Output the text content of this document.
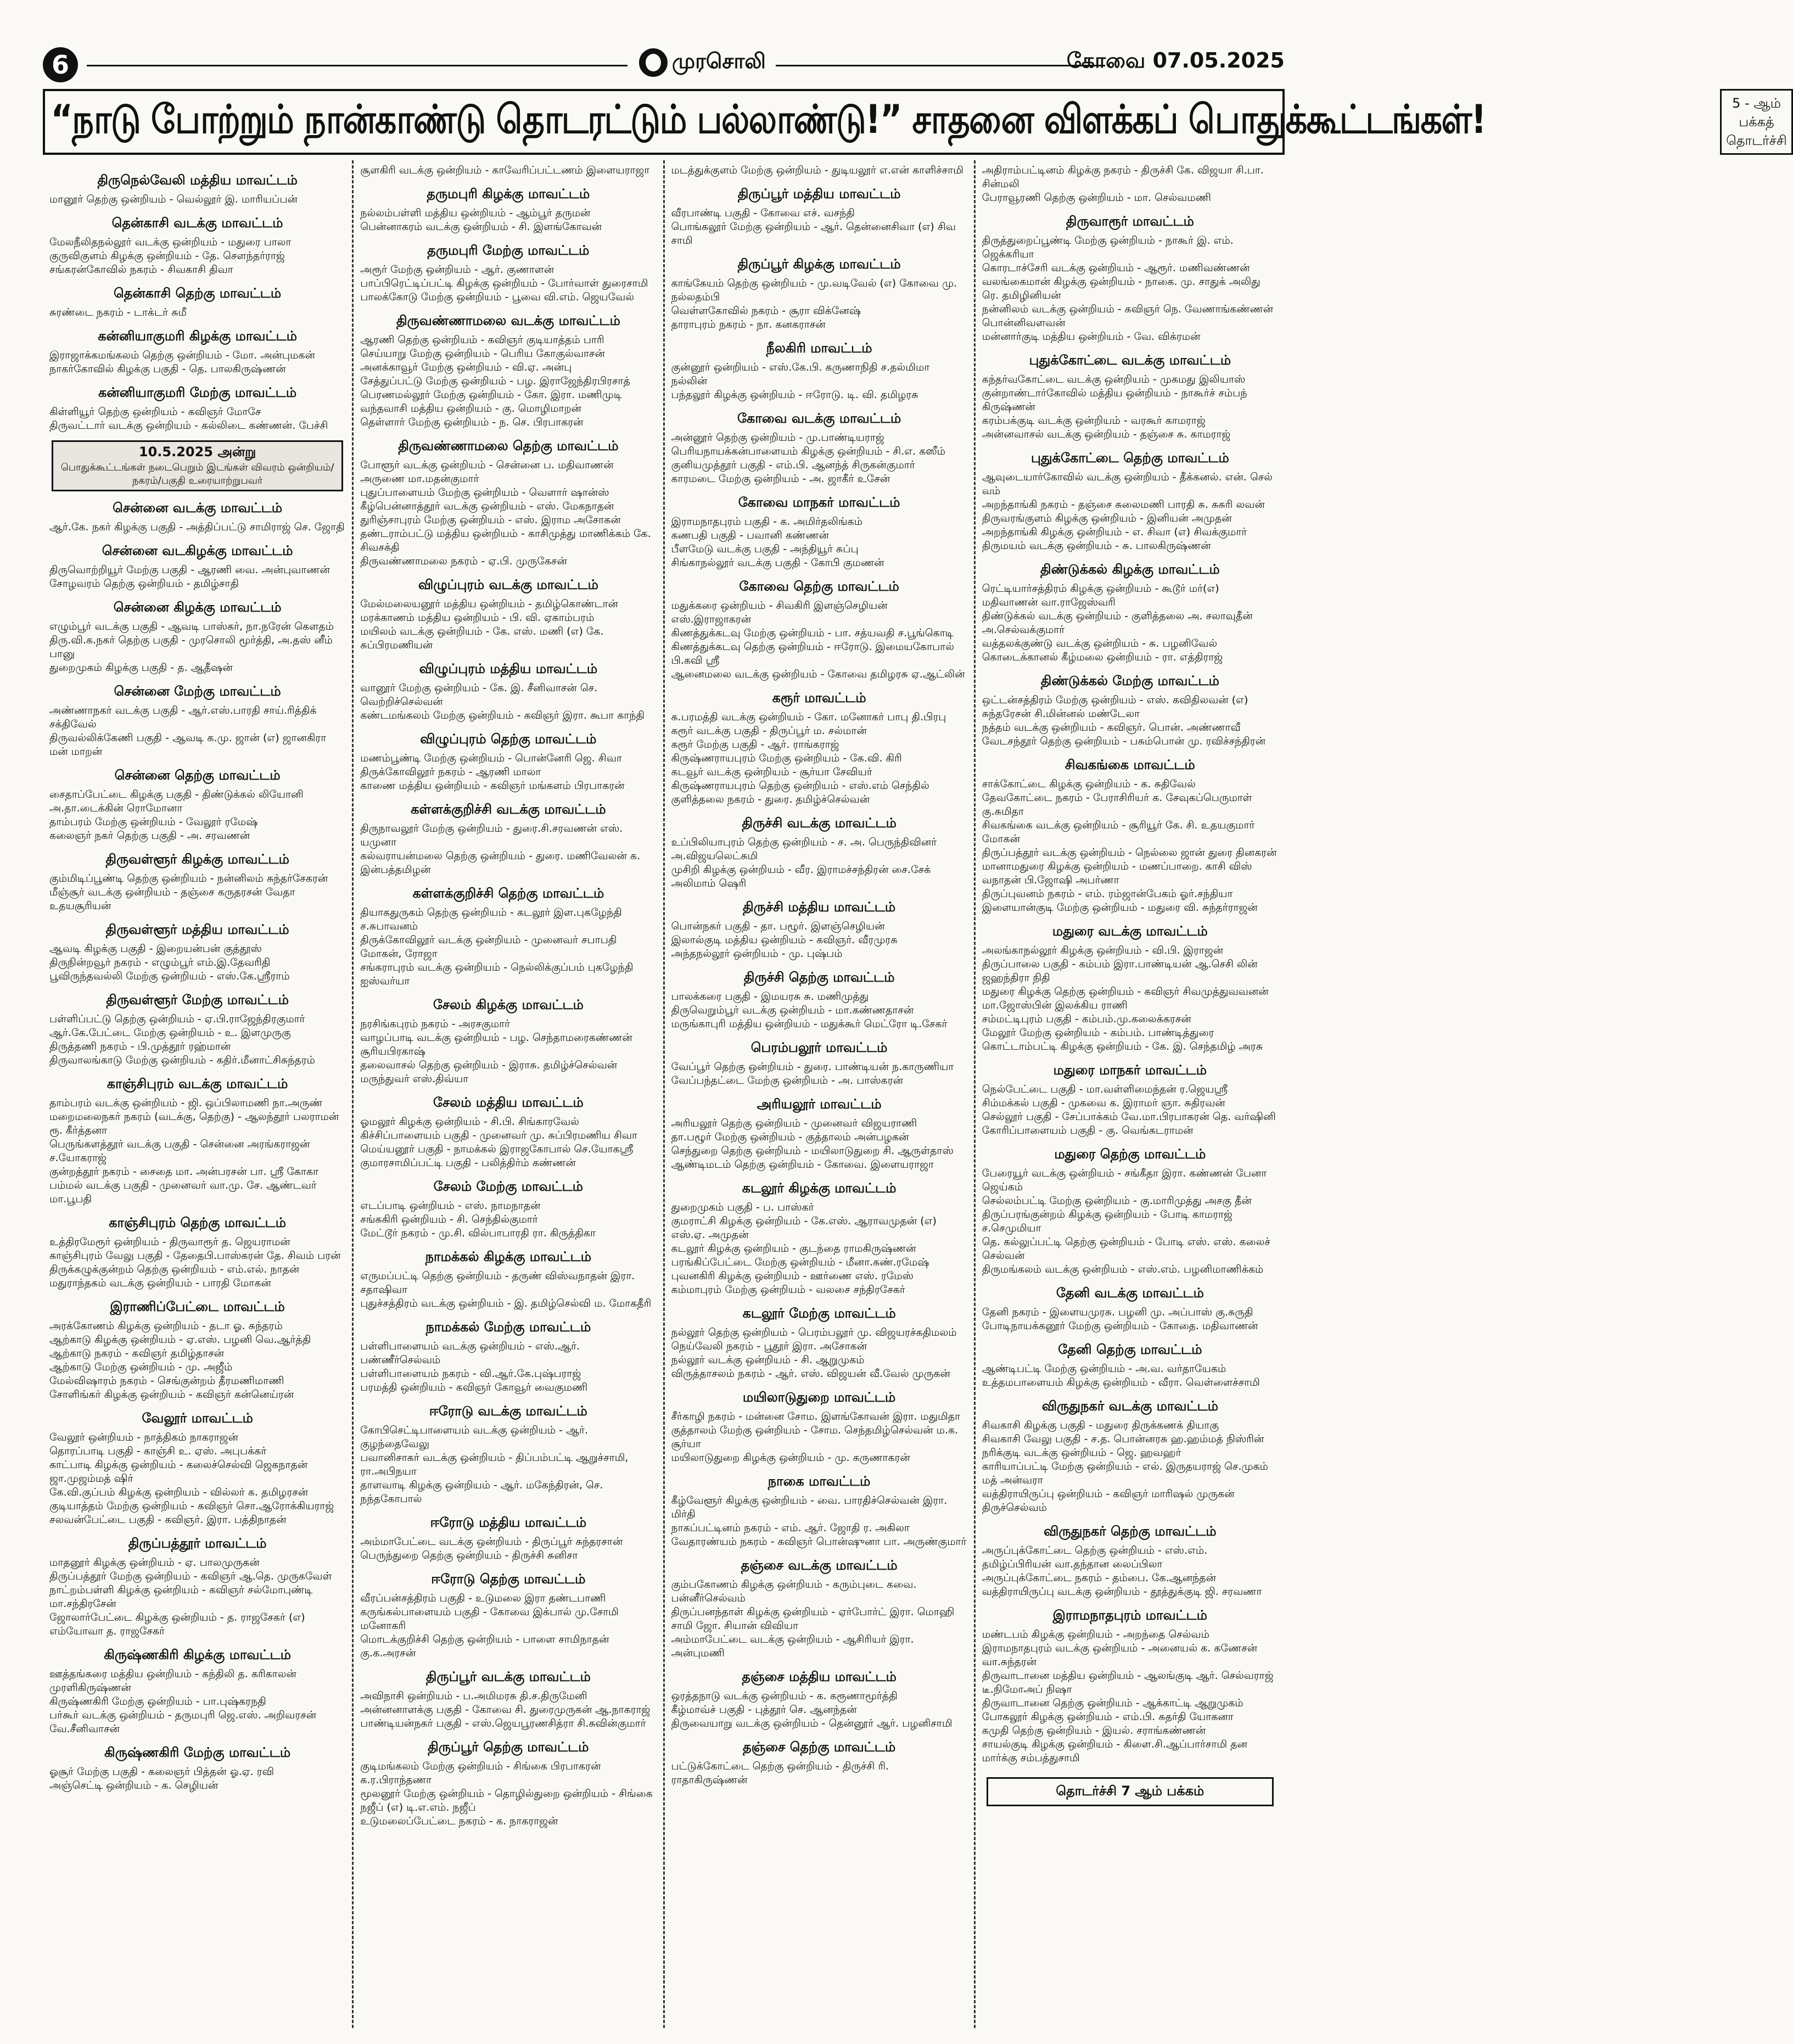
6	முரசொலி	கோவை 07.05.2025
“நாடு போற்றும் நான்காண்டு தொடரட்டும் பல்லாண்டு!” சாதனை விளக்கப் பொதுக்கூட்டங்கள்!	5 - ஆம் பக்கத் தொடர்ச்சி
திருநெல்வேலி மத்திய மாவட்டம்

மானூர் தெற்கு ஒன்றியம் - வெல்லூர் இ. மாரியப்பன்

தென்காசி வடக்கு மாவட்டம்

மேலநீலிதநல்லூர் வடக்கு ஒன்றியம் - மதுரை பாலா

குருவிகுளம் கிழக்கு ஒன்றியம் - தே. சௌந்தர்ராஜ்

சங்கரன்கோவில் நகரம் - சிவகாசி திவா

தென்காசி தெற்கு மாவட்டம்

சுரண்டை நகரம் - டாக்டர் சுமீ

கன்னியாகுமரி கிழக்கு மாவட்டம்

இராஜாக்கமங்கலம் தெற்கு ஒன்றியம் - மோ. அன்புமகன்

நாகர்கோவில் கிழக்கு பகுதி - தெ. பாலகிருஷ்ணன்

கன்னியாகுமரி மேற்கு மாவட்டம்

கிள்ளியூர் தெற்கு ஒன்றியம் - கவிஞர் மோசே

திருவட்டார் வடக்கு ஒன்றியம் - கல்லிடை கண்ணன். பேச்சி

10.5.2025 அன்று
பொதுக்கூட்டங்கள் நடைபெறும் இடங்கள் விவரம் ஒன்றியம்/நகரம்/பகுதி உரையாற்றுபவர்
சென்னை வடக்கு மாவட்டம்

ஆர்.கே. நகர் கிழக்கு பகுதி - அத்திப்பட்டு சாமிராஜ் செ. ஜோதி

சென்னை வடகிழக்கு மாவட்டம்

திருவொற்றியூர் மேற்கு பகுதி - ஆரணி வை. அன்புவாணன்

சோழவரம் தெற்கு ஒன்றியம் - தமிழ்சாதி

சென்னை கிழக்கு மாவட்டம்

எழும்பூர் வடக்கு பகுதி - ஆவடி பாஸ்கர், நா.நரேன் கௌதம்

திரு.வி.க.நகர் தெற்கு பகுதி - முரசொலி மூர்த்தி, அ.தஸ் னீம் பானு

துறைமுகம் கிழக்கு பகுதி - த. ஆதீஷன்

சென்னை மேற்கு மாவட்டம்

அண்ணாநகர் வடக்கு பகுதி - ஆர்.எஸ்.பாரதி சாய்.ரித்திக் சக்திவேல்

திருவல்லிக்கேணி பகுதி - ஆவடி க.மு. ஜான் (எ) ஜானகிரா மன் மாறன்

சென்னை தெற்கு மாவட்டம்

சைதாப்பேட்டை கிழக்கு பகுதி - திண்டுக்கல் லியோனி அ.தா.டைக்கின் ரொமோனா

தாம்பரம் மேற்கு ஒன்றியம் - வேலூர் ரமேஷ்

கலைஞர் நகர் தெற்கு பகுதி - அ. சரவணன்

திருவள்ளூர் கிழக்கு மாவட்டம்

கும்மிடிப்பூண்டி தெற்கு ஒன்றியம் - நன்னிலம் சுந்தர்சேகரன்

மீஞ்சூர் வடக்கு ஒன்றியம் - தஞ்சை கருதரசன் வேதா உதயசூரியன்

திருவள்ளூர் மத்திய மாவட்டம்

ஆவடி கிழக்கு பகுதி - இறையன்பன் குத்தூஸ்

திருநின்றவூர் நகரம் - எழும்பூர் எம்.இ.தேவரிதி

பூவிருந்தவல்லி மேற்கு ஒன்றியம் - எஸ்.கே.ஸ்ரீராம்

திருவள்ளூர் மேற்கு மாவட்டம்

பள்ளிப்பட்டு தெற்கு ஒன்றியம் - ஏ.பி.ராஜேந்திரகுமார்

ஆர்.கே.பேட்டை மேற்கு ஒன்றியம் - உ. இளமுருகு

திருத்தணி நகரம் - பி.முத்தூர் ரஹ்மான்

திருவாலங்காடு மேற்கு ஒன்றியம் - கதிர்.மீனாட்சிசுந்தரம்

காஞ்சிபுரம் வடக்கு மாவட்டம்

தாம்பரம் வடக்கு ஒன்றியம் - ஜி. ஒப்பிலாமணி நா.அருண்

மறைமலைநகர் நகரம் (வடக்கு, தெற்கு) - ஆலந்தூர் பலராமன் ரூ. கீர்த்தனா

பெருங்களத்தூர் வடக்கு பகுதி - சென்னை அரங்கராஜன் ச.யோகராஜ்

குன்றத்தூர் நகரம் - சைதை மா. அன்பரசன் பா. ஸ்ரீ கோகா

பம்மல் வடக்கு பகுதி - முனைவர் வா.மு. சே. ஆண்டவர் மா.பூபதி

காஞ்சிபுரம் தெற்கு மாவட்டம்

உத்திரமேரூர் ஒன்றியம் - திருவாரூர் த. ஜெயராமன்

காஞ்சிபுரம் வேலு பகுதி - தேதைபி.பாஸ்கரன் தே. சிவம் பரன்

திருக்கழுக்குன்றம் தெற்கு ஒன்றியம் - எம்.எல். நாதன்

மதுராந்தகம் வடக்கு ஒன்றியம் - பாரதி மோகன்

இராணிப்பேட்டை மாவட்டம்

அரக்கோணம் கிழக்கு ஒன்றியம் - தடா ஓ. சுந்தரம்

ஆற்காடு கிழக்கு ஒன்றியம் - ஏ.எஸ். பழனி வெ.ஆர்த்தி

ஆற்காடு நகரம் - கவிஞர் தமிழ்தாசன்

ஆற்காடு மேற்கு ஒன்றியம் - மு. அஜீம்

மேல்விஷாரம் நகரம் - செங்குன்றம் தீரமணிமாணி

சோளிங்கர் கிழக்கு ஒன்றியம் - கவிஞர் கன்னெய்ரன்

வேலூர் மாவட்டம்

வேலூர் ஒன்றியம் - நாத்திகம் நாகராஜன்

தொரப்பாடி பகுதி - காஞ்சி உ. ஏஸ். அபுபக்கர்

காட்பாடி கிழக்கு ஒன்றியம் - கலைச்செல்வி ஜெகநாதன் ஜா.முஜம்மத் ஷிர்

கே.வி.குப்பம் கிழக்கு ஒன்றியம் - வில்லர் க. தமிழரசன்

குடியாத்தம் மேற்கு ஒன்றியம் - கவிஞர் சொ.ஆரோக்கியராஜ்

சலவன்பேட்டை பகுதி - கவிஞர். இரா. பத்திநாதன்

திருப்பத்தூர் மாவட்டம்

மாதனூர் கிழக்கு ஒன்றியம் - ஏ. பாலமுருகன்

திருப்பத்தூர் மேற்கு ஒன்றியம் - கவிஞர் ஆ.தெ. முருகவேள்

நாட்றம்பள்ளி கிழக்கு ஒன்றியம் - கவிஞர் சல்மோபுண்டி மா.சந்திரசேன்

ஜோலார்பேட்டை கிழக்கு ஒன்றியம் - த. ராஜசேகர் (எ) எம்யோவா த. ராஜசேகர்

கிருஷ்ணகிரி கிழக்கு மாவட்டம்

ஊத்தங்கரை மத்திய ஒன்றியம் - கந்திலி த. கரிகாலன் முரளிகிருஷ்ணன்

கிருஷ்ணகிரி மேற்கு ஒன்றியம் - பா.புஷ்கரநதி

பர்கூர் வடக்கு ஒன்றியம் - தருமபுரி ஜெ.எஸ். அறிவரசன் வே.சீனிவாசன்

கிருஷ்ணகிரி மேற்கு மாவட்டம்

ஓசூர் மேற்கு பகுதி - கலைஞர் பித்தன் ஓ.ஏ. ரவி

அஞ்செட்டி ஒன்றியம் - க. செழியன்

சூளகிரி வடக்கு ஒன்றியம் - காவேரிப்பட்டணம் இளையராஜா

தருமபுரி கிழக்கு மாவட்டம்

நல்லம்பள்ளி மத்திய ஒன்றியம் - ஆம்பூர் தருமன்

பென்னாகரம் வடக்கு ஒன்றியம் - சி. இளங்கோவன்

தருமபுரி மேற்கு மாவட்டம்

அரூர் மேற்கு ஒன்றியம் - ஆர். குணாளன்

பாப்பிரெட்டிப்பட்டி கிழக்கு ஒன்றியம் - போர்வாள் துரைசாமி

பாலக்கோடு மேற்கு ஒன்றியம் - பூவை வி.எம். ஜெயவேல்

திருவண்ணாமலை வடக்கு மாவட்டம்

ஆரணி தெற்கு ஒன்றியம் - கவிஞர் குடியாத்தம் பாரி

செய்யாறு மேற்கு ஒன்றியம் - பெரிய கோகுல்வாசன்

அனக்காவூர் மேற்கு ஒன்றியம் - வி.ஏ. அன்பு

சேத்துப்பட்டு மேற்கு ஒன்றியம் - பழ. இராஜேந்திரபிரசாத்

பெரணமல்லூர் மேற்கு ஒன்றியம் - கோ. இரா. மணிமுடி

வந்தவாசி மத்திய ஒன்றியம் - கு. மொழிமாறன்

தெள்ளார் மேற்கு ஒன்றியம் - ந. செ. பிரபாகரன்

திருவண்ணாமலை தெற்கு மாவட்டம்

போளூர் வடக்கு ஒன்றியம் - சென்னை ப. மதிவாணன் அருணை மா.மதன்குமார்

புதுப்பாளையம் மேற்கு ஒன்றியம் - வெளார் ஷான்ஸ்

கீழ்பென்னாத்தூர் வடக்கு ஒன்றியம் - எஸ். மேகநாதன்

துரிஞ்சாபுரம் மேற்கு ஒன்றியம் - எஸ். இராம அசோகன்

தண்டராம்பட்டு மத்திய ஒன்றியம் - காசிமுத்து மாணிக்கம் கே. சிவசக்தி

திருவண்ணாமலை நகரம் - ஏ.பி. முருகேசன்

விழுப்புரம் வடக்கு மாவட்டம்

மேல்மலையனூர் மத்திய ஒன்றியம் - தமிழ்கொண்டான்

மரக்காணம் மத்திய ஒன்றியம் - பி. வி. ஏகாம்பரம்

மயிலம் வடக்கு ஒன்றியம் - கே. எஸ். மணி (எ) கே. சுப்பிரமணியன்

விழுப்புரம் மத்திய மாவட்டம்

வானூர் மேற்கு ஒன்றியம் - கே. இ. சீனிவாசன் செ. வெற்றிச்செல்வன்

கண்டமங்கலம் மேற்கு ஒன்றியம் - கவிஞர் இரா. கூபா காந்தி

விழுப்புரம் தெற்கு மாவட்டம்

மணம்பூண்டி மேற்கு ஒன்றியம் - பொன்னேரி ஜெ. சிவா

திருக்கோவிலூர் நகரம் - ஆரணி மாலா

காணை மத்திய ஒன்றியம் - கவிஞர் மங்களம் பிரபாகரன்

கள்ளக்குறிச்சி வடக்கு மாவட்டம்

திருநாவலூர் மேற்கு ஒன்றியம் - துரை.சி.சரவணன் எஸ். யமுனா

கல்வராயன்மலை தெற்கு ஒன்றியம் - துரை. மணிவேலன் க. இன்பத்தமிழன்

கள்ளக்குறிச்சி தெற்கு மாவட்டம்

தியாகதுருகம் தெற்கு ஒன்றியம் - கடலூர் இள.புகழேந்தி ச.சுபாவனம்

திருக்கோவிலூர் வடக்கு ஒன்றியம் - முனைவர் சபாபதி மோகன், ரோஜா

சங்கராபுரம் வடக்கு ஒன்றியம் - நெல்லிக்குப்பம் புகழேந்தி ஐஸ்வர்யா

சேலம் கிழக்கு மாவட்டம்

நரசிங்கபுரம் நகரம் - அரசகுமார்

வாழப்பாடி வடக்கு ஒன்றியம் - பழ. செந்தாமரைகண்ணன் சூரியபிரகாஷ்

தலைவாசல் தெற்கு ஒன்றியம் - இராசு. தமிழ்ச்செல்வன் மருந்துவர் எஸ்.திவ்யா

சேலம் மத்திய மாவட்டம்

ஓமலூர் கிழக்கு ஒன்றியம் - சி.பி. சிங்காரவேல்

கிச்சிப்பாளையம் பகுதி - முனைவர் மு. சுப்பிரமணிய சிவா

மெய்யனூர் பகுதி - நாமக்கல் இராஜகோபால் செ.யோகஸ்ரீ

குமாரசாமிப்பட்டி பகுதி - பலித்திர்ம் கண்ணன்

சேலம் மேற்கு மாவட்டம்

எடப்பாடி ஒன்றியம் - எஸ். நாமநாதன்

சங்ககிரி ஒன்றியம் - சி. செந்தில்குமார்

மேட்டூர் நகரம் - மு.சி. வில்பாபாரதி ரா. கிருத்திகா

நாமக்கல் கிழக்கு மாவட்டம்

எருமப்பட்டி தெற்கு ஒன்றியம் - தருண் விஸ்வநாதன் இரா. சதாஷிவா

புதுச்சத்திரம் வடக்கு ஒன்றியம் - இ. தமிழ்செல்வி ம. மோகதீரி

நாமக்கல் மேற்கு மாவட்டம்

பள்ளிபாளையம் வடக்கு ஒன்றியம் - எஸ்.ஆர். பண்ணீர்செல்வம்

பள்ளிபாளையம் நகரம் - வி.ஆர்.கே.புஷ்பராஜ்

பரமத்தி ஒன்றியம் - கவிஞர் கோவூர் வைகுமணி

ஈரோடு வடக்கு மாவட்டம்

கோபிசெட்டிபாளையம் வடக்கு ஒன்றியம் - ஆர். குழந்தைவேலு

பவானிசாகர் வடக்கு ஒன்றியம் - திப்பம்பட்டி ஆறுச்சாமி, ரா.அபிநயா

தாளவாடி கிழக்கு ஒன்றியம் - ஆர். மகேந்திரன், செ. நந்தகோபால்

ஈரோடு மத்திய மாவட்டம்

அம்மாபேட்டை வடக்கு ஒன்றியம் - திருப்பூர் சுந்தரசான்

பெருந்துறை தெற்கு ஒன்றியம் - திருச்சி சுனிசா

ஈரோடு தெற்கு மாவட்டம்

வீரப்பன்சத்திரம் பகுதி - உடுமலை இரா தண்டபாணி

கருங்கல்பாளையம் பகுதி - கோவை இக்பால் மு.சோமி மனோகரி

மொடக்குறிச்சி தெற்கு ஒன்றியம் - பாளை சாமிநாதன் கு.க.அரசன்

திருப்பூர் வடக்கு மாவட்டம்

அவிநாசி ஒன்றியம் - ப.அமிமரசு தி.ச.திருமேனி

அன்னனாளக்கு பகுதி - கோவை சி. துரைமுருகன் ஆ.நாகராஜ்

பாண்டியன்நகர் பகுதி - எஸ்.ஜெயபூரணசித்ரா சி.சுவின்குமார்

திருப்பூர் தெற்கு மாவட்டம்

குடிமங்கலம் மேற்கு ஒன்றியம் - சிங்கை பிரபாகரன் க.ர.பிராந்தணா

மூலனூர் மேற்கு ஒன்றியம் - தொழில்துறை ஒன்றியம் - சிங்கை நஜீப் (எ) டி.எ.எம். நஜீப்

உடுமலைப்பேட்டை நகரம் - க. நாகராஜன்

மடத்துக்குளம் மேற்கு ஒன்றியம் - துடியலூர் எ.என் காளிச்சாமி

திருப்பூர் மத்திய மாவட்டம்

வீரபாண்டி பகுதி - கோவை எச். வசந்தி

பொங்கலூர் மேற்கு ஒன்றியம் - ஆர். தென்னைசிவா (எ) சிவ சாமி

திருப்பூர் கிழக்கு மாவட்டம்

காங்கேயம் தெற்கு ஒன்றியம் - மு.வடிவேல் (எ) கோவை மு. நல்லதம்பி

வெள்ளகோவில் நகரம் - சூரா விக்னேஷ்

தாராபுரம் நகரம் - நா. கனகராசன்

நீலகிரி மாவட்டம்

குன்னூர் ஒன்றியம் - எஸ்.கே.பி. கருணாநிதி ச.தல்மிமா நல்லின்

பந்தலூர் கிழக்கு ஒன்றியம் - ஈரோடு. டி. வி. தமிழரசு

கோவை வடக்கு மாவட்டம்

அன்னூர் தெற்கு ஒன்றியம் - மு.பாண்டியராஜ்

பெரியநாயக்கன்பாளையம் கிழக்கு ஒன்றியம் - சி.எ. கஸீம்

குனியமுத்தூர் பகுதி - எம்.பி. ஆனந்த் சிருகன்குமார்

காரமடை மேற்கு ஒன்றியம் - அ. ஜாகீர் உசேன்

கோவை மாநகர் மாவட்டம்

இராமநாதபுரம் பகுதி - க. அமிர்தலிங்கம்

கணபதி பகுதி - பவானி கண்ணன்

பீளமேடு வடக்கு பகுதி - அந்தியூர் சுப்பு

சிங்காநல்லூர் வடக்கு பகுதி - கோபி குமணன்

கோவை தெற்கு மாவட்டம்

மதுக்கரை ஒன்றியம் - சிவகிரி இளஞ்செழியன் எஸ்.இராஜாகரன்

கிணத்துக்கடவு மேற்கு ஒன்றியம் - பா. சத்யவதி ச.பூங்கொடி

கிணத்துக்கடவு தெற்கு ஒன்றியம் - ஈரோடு. இமையகோபால் பி.கவி ஸ்ரீ

ஆனைமலை வடக்கு ஒன்றியம் - கோவை தமிழரசு ஏ.ஆட்லின்

கரூர் மாவட்டம்

க.பரமத்தி வடக்கு ஒன்றியம் - கோ. மனோகர் பாபு தி.பிரபு

கரூர் வடக்கு பகுதி - திருப்பூர் ம. சல்மான்

கரூர் மேற்கு பகுதி - ஆர். ராங்கராஜ்

கிருஷ்ணராயபுரம் மேற்கு ஒன்றியம் - கே.வி. கிரி

கடவூர் வடக்கு ஒன்றியம் - சூர்யா சேவியர்

கிருஷ்ணராயபுரம் தெற்கு ஒன்றியம் - எஸ்.எம் செந்தில்

குளித்தலை நகரம் - துரை. தமிழ்ச்செல்வன்

திருச்சி வடக்கு மாவட்டம்

உப்பிலியாபுரம் தெற்கு ஒன்றியம் - ச. அ. பெருந்திவினர் அ.விஜயலெட்சுமி

முசிறி கிழக்கு ஒன்றியம் - வீர. இராமச்சந்திரன் சை.சேக் அலிமாம் ஷெரி

திருச்சி மத்திய மாவட்டம்

பொன்நகர் பகுதி - தா. பழூர். இளஞ்செழியன்

இலால்குடி மத்திய ஒன்றியம் - கவிஞர். வீரமுரசு

அந்தநல்லூர் ஒன்றியம் - மு. புஷ்பம்

திருச்சி தெற்கு மாவட்டம்

பாலக்கரை பகுதி - இமயரசு சு. மணிமுத்து

திருவெறும்பூர் வடக்கு ஒன்றியம் - மா.கண்ணதாசன்

மருங்காபுரி மத்திய ஒன்றியம் - மதுக்கூர் மெட்ரோ டி.சேகர்

பெரம்பலூர் மாவட்டம்

வேப்பூர் தெற்கு ஒன்றியம் - துரை. பாண்டியன் ந.காருணியா

வேப்பந்தட்டை மேற்கு ஒன்றியம் - அ. பாஸ்கரன்

அரியலூர் மாவட்டம்

அரியலூர் தெற்கு ஒன்றியம் - முனைவர் விஜயராணி

தா.பழூர் மேற்கு ஒன்றியம் - குத்தாலம் அன்பழகன்

செந்துறை தெற்கு ஒன்றியம் - மயிலாடுதுறை சி. ஆருள்தாஸ்

ஆண்டிமடம் தெற்கு ஒன்றியம் - கோவை. இளையராஜா

கடலூர் கிழக்கு மாவட்டம்

துறைமுகம் பகுதி - ப. பாஸ்கர்

குமராட்சி கிழக்கு ஒன்றியம் - கே.எஸ். ஆராவமுதன் (எ) எஸ்.ஏ. அமுதன்

கடலூர் கிழக்கு ஒன்றியம் - குடந்தை ராமகிருஷ்ணன்

பரங்கிப்பேட்டை மேற்கு ஒன்றியம் - மீனா.கண்.ரமேஷ்

புவனகிரி கிழக்கு ஒன்றியம் - ஊர்ணை எஸ். ரமேஸ்

கம்மாபுரம் மேற்கு ஒன்றியம் - வலசை சந்திரசேகர்

கடலூர் மேற்கு மாவட்டம்

நல்லூர் தெற்கு ஒன்றியம் - பெரம்பலூர் மு. விஜயரச்கதிமலம்

நெய்வேலி நகரம் - பூதூர் இரா. அசோகன்

நல்லூர் வடக்கு ஒன்றியம் - சி. ஆறுமுகம்

விருத்தாசலம் நகரம் - ஆர். எஸ். விஜயன் வீ.வேல் முருகன்

மயிலாடுதுறை மாவட்டம்

சீர்காழி நகரம் - மன்னை சோம. இளங்கோவன் இரா. மதுமிதா

குத்தாலம் மேற்கு ஒன்றியம் - சோம. செந்தமிழ்செல்வன் ம.க. சூர்யா

மயிலாடுதுறை கிழக்கு ஒன்றியம் - மு. கருணாகரன்

நாகை மாவட்டம்

கீழ்வேளூர் கிழக்கு ஒன்றியம் - வை. பாரதிச்செல்வன் இரா. மிர்தி

நாகப்பட்டினம் நகரம் - எம். ஆர். ஜோதி ர. அகிலா

வேதாரண்யம் நகரம் - கவிஞர் பொன்ஷுனா பா. அருண்குமார்

தஞ்சை வடக்கு மாவட்டம்

கும்பகோணம் கிழக்கு ஒன்றியம் - கரும்புடை கவை. பன்னீர்செல்வம்

திருப்பனந்தாள் கிழக்கு ஒன்றியம் - ஏர்போர்ட் இரா. மொஹி சாமி ஜோ. சியான் விவியா

அம்மாபேட்டை வடக்கு ஒன்றியம் - ஆசிரியர் இரா. அன்புமணி

தஞ்சை மத்திய மாவட்டம்

ஒரத்தநாடு வடக்கு ஒன்றியம் - க. கரூணாமூர்த்தி

கீழ்மாவ்ச் பகுதி - புத்தூர் செ. ஆனந்தன்

திருவையாறு வடக்கு ஒன்றியம் - தென்னூர் ஆர். பழனிசாமி

தஞ்சை தெற்கு மாவட்டம்

பட்டுக்கோட்டை தெற்கு ஒன்றியம் - திருச்சி ரி. ராதாகிருஷ்ணன்

அதிராம்பட்டினம் கிழக்கு நகரம் - திருச்சி கே. விஜயா சி.பா. சின்மலி

பேராவூரணி தெற்கு ஒன்றியம் - மா. செல்வமணி

திருவாரூர் மாவட்டம்

திருத்துறைப்பூண்டி மேற்கு ஒன்றியம் - நாகூர் இ. எம். ஜெக்கரியா

கொரடாச்சேரி வடக்கு ஒன்றியம் - ஆரூர். மணிவண்ணன்

வலங்கைமான் கிழக்கு ஒன்றியம் - நாகை. மு. சாதுக் அலிது ரெ. தமிழினியன்

நன்னிலம் வடக்கு ஒன்றியம் - கவிஞர் நெ. வேணாங்கண்ணன் பொன்னிவளவன்

மன்னார்குடி மத்திய ஒன்றியம் - வே. விக்ரமன்

புதுக்கோட்டை வடக்கு மாவட்டம்

கந்தர்வகோட்டை வடக்கு ஒன்றியம் - முகமது இலியாஸ்

குன்றாண்டார்கோவில் மத்திய ஒன்றியம் - நாகூர்ச் சம்பந் கிருஷ்ணன்

கரம்பக்குடி வடக்கு ஒன்றியம் - வரகூர் காமராஜ்

அன்னவாசல் வடக்கு ஒன்றியம் - தஞ்சை சு. காமராஜ்

புதுக்கோட்டை தெற்கு மாவட்டம்

ஆவுடையார்கோவில் வடக்கு ஒன்றியம் - தீக்கனல். என். செல் வம்

அறந்தாங்கி நகரம் - தஞ்சை சுலைமணி பாரதி சு. சுசுரி லவன்

திருவரங்குளம் கிழக்கு ஒன்றியம் - இனியன் அமுதன்

அறந்தாங்கி கிழக்கு ஒன்றியம் - எ. சிவா (எ) சிவக்குமார்

திருமயம் வடக்கு ஒன்றியம் - சு. பாலகிருஷ்ணன்

திண்டுக்கல் கிழக்கு மாவட்டம்

ரெட்டியார்சத்திரம் கிழக்கு ஒன்றியம் - கூடூர் மர்(எ) மதிவாணன் வா.ராஜேஸ்வரி

திண்டுக்கல் வடக்கு ஒன்றியம் - குளித்தலை அ. சலாவுதீன் அ.செல்வக்குமார்

வத்தலக்குண்டு வடக்கு ஒன்றியம் - சு. பழனிவேல்

கொடைக்கானல் கீழ்மலை ஒன்றியம் - ரா. எத்திராஜ்

திண்டுக்கல் மேற்கு மாவட்டம்

ஒட்டன்சத்திரம் மேற்கு ஒன்றியம் - எஸ். கவிதிலவன் (எ) சுந்தரேசன் சி.மின்னல் மண்டேலா

நத்தம் வடக்கு ஒன்றியம் - கவிஞர். பொன். அண்ணாவீ

வேடசந்தூர் தெற்கு ஒன்றியம் - பசும்பொன் மு. ரவிச்சந்திரன்

சிவகங்கை மாவட்டம்

சாக்கோட்டை கிழக்கு ஒன்றியம் - க. சுதிவேல்

தேவகோட்டை நகரம் - பேராசிரியர் க. சேவுகப்பெருமாள் கு.சுமிதா

சிவகங்கை வடக்கு ஒன்றியம் - சூரியூர் கே. சி. உதயகுமார் மோகன்

திருப்பத்தூர் வடக்கு ஒன்றியம் - நெல்லை ஜான் துரை தினகரன்

மானாமதுரை கிழக்கு ஒன்றியம் - மணப்பாறை. காசி விஸ் வநாதன் பி.ஜோஷி அபர்ணா

திருப்புவனம் நகரம் - எம். ரம்ஜான்பேகம் ஓர்.சந்தியா

இளையான்குடி மேற்கு ஒன்றியம் - மதுரை வி. சுந்தர்ராஜன்

மதுரை வடக்கு மாவட்டம்

அலங்காநல்லூர் கிழக்கு ஒன்றியம் - வி.பி. இராஜன்

திருப்பாலை பகுதி - கம்பம் இரா.பாண்டியன் ஆ.செசி லின் ஜஹந்திரா நிதி

மதுரை கிழக்கு தெற்கு ஒன்றியம் - கவிஞர் சிவமுத்துவவனன் மா.ஜோஸ்பின் இலக்கிய ராணி

சம்மட்டிபுரம் பகுதி - கம்பம்.மு.கலைக்கரசன்

மேலூர் மேற்கு ஒன்றியம் - கம்பம். பாண்டித்துரை

கொட்டாம்பட்டி கிழக்கு ஒன்றியம் - கே. இ. செந்தமிழ் அரசு

மதுரை மாநகர் மாவட்டம்

நெல்பேட்டை பகுதி - மா.வள்ளிமைந்தன் ர.ஜெயஸ்ரீ

சிம்மக்கல் பகுதி - முகவை க. இராமர் ஞா. சுதிரவன்

செல்லூர் பகுதி - சேப்பாக்கம் வே.மா.பிரபாகரன் தெ. வர்ஷினி

கோரிப்பாளையம் பகுதி - கு. வெங்கடராமன்

மதுரை தெற்கு மாவட்டம்

பேரையூர் வடக்கு ஒன்றியம் - சங்கீதா இரா. கண்ணன் பேனா ஜெய்கம்

செல்லம்பட்டி மேற்கு ஒன்றியம் - கு.மாரிமுத்து அசகு தீன்

திருப்பரங்குன்றம் கிழக்கு ஒன்றியம் - போடி காமராஜ் ச.செமுமியா

தெ. கல்லுப்பட்டி தெற்கு ஒன்றியம் - போடி எஸ். எஸ். கலைச் செல்வன்

திருமங்கலம் வடக்கு ஒன்றியம் - எஸ்.எம். பழனிமாணிக்கம்

தேனி வடக்கு மாவட்டம்

தேனி நகரம் - இளையமுரசு. பழனி மு. அப்பாஸ் கு.சுருதி

போடிநாயக்கனூர் மேற்கு ஒன்றியம் - கோதை. மதிவாணன்

தேனி தெற்கு மாவட்டம்

ஆண்டிபட்டி மேற்கு ஒன்றியம் - அ.வ. வர்தாயேகம்

உத்தமபாளையம் கிழக்கு ஒன்றியம் - வீரா. வெள்ளைச்சாமி

விருதுநகர் வடக்கு மாவட்டம்

சிவகாசி கிழக்கு பகுதி - மதுரை திருக்கணக் தியாகு

சிவகாசி வேலு பகுதி - ச.த. பொன்னரசு ஹ.ஹம்மத் நிஸ்ரின்

நரிக்குடி வடக்கு ஒன்றியம் - ஜெ. ஹவஹர்

காரியாப்பட்டி மேற்கு ஒன்றியம் - எல். இருதயராஜ் செ.முகம் மத் அன்வரா

வத்திராயிருப்பு ஒன்றியம் - கவிஞர் மாரிஷல் முருகன் திருச்செல்வம்

விருதுநகர் தெற்கு மாவட்டம்

அருப்புக்கோட்டை தெற்கு ஒன்றியம் - எஸ்.எம். தமிழ்ப்பிரியன் வா.தந்தான லைப்பிலா

அருப்புக்கோட்டை நகரம் - தம்பை. கே.ஆனந்தன்

வத்திராயிருப்பு வடக்கு ஒன்றியம் - தூத்துக்குடி ஜி. சரவணா

இராமநாதபுரம் மாவட்டம்

மண்டபம் கிழக்கு ஒன்றியம் - அறந்தை செல்வம்

இராமநாதபுரம் வடக்கு ஒன்றியம் - அனையல் க. கணேசன் வா.சுந்தரன்

திருவாடானை மத்திய ஒன்றியம் - ஆலங்குடி ஆர். செல்வராஜ் டீ.நிமோஅப் நிஷா

திருவாடானை தெற்கு ஒன்றியம் - ஆக்காட்டி ஆறுமுகம்

போகலூர் கிழக்கு ஒன்றியம் - எம்.பி. சுதர்தி யோகனா

கமுதி தெற்கு ஒன்றியம் - இயல். சராங்கண்ணன்

சாயல்குடி கிழக்கு ஒன்றியம் - கிளை.சி.ஆப்பார்சாமி தன மார்க்கு சம்பத்துசாமி

தொடர்ச்சி 7 ஆம் பக்கம்
